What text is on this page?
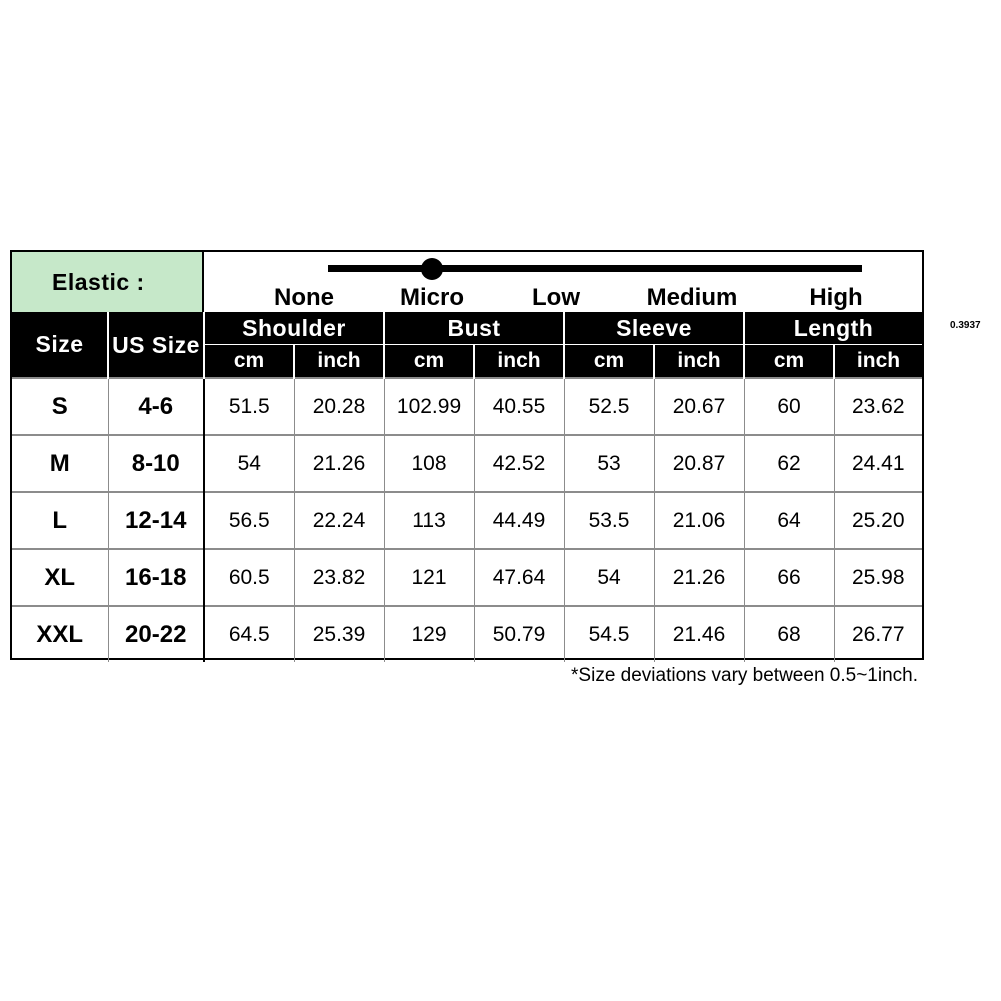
Elastic :
None	Micro	Low	Medium	High
Size	US Size	Shoulder		Bust		Sleeve		Length	
		cm	inch	cm	inch	cm	inch	cm	inch
S	4-6	51.5	20.28	102.99	40.55	52.5	20.67	60	23.62
M	8-10	54	21.26	108	42.52	53	20.87	62	24.41
L	12-14	56.5	22.24	113	44.49	53.5	21.06	64	25.20
XL	16-18	60.5	23.82	121	47.64	54	21.26	66	25.98
XXL	20-22	64.5	25.39	129	50.79	54.5	21.46	68	26.77
*Size deviations vary between 0.5~1inch.
0.3937
